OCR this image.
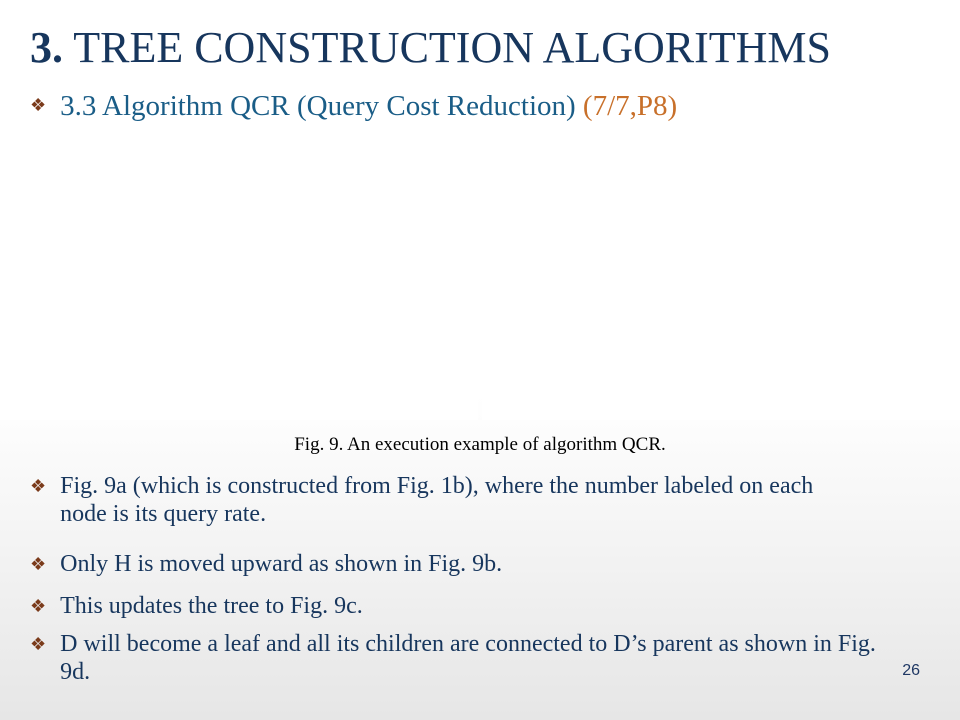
3. TREE CONSTRUCTION ALGORITHMS
❖ 3.3 Algorithm QCR (Query Cost Reduction) (7/7,P8)
Fig. 9. An execution example of algorithm QCR.
❖ Fig. 9a (which is constructed from Fig. 1b), where the number labeled on each node is its query rate.
❖ Only H is moved upward as shown in Fig. 9b.
❖ This updates the tree to Fig. 9c.
❖ D will become a leaf and all its children are connected to D’s parent as shown in Fig. 9d.	26
